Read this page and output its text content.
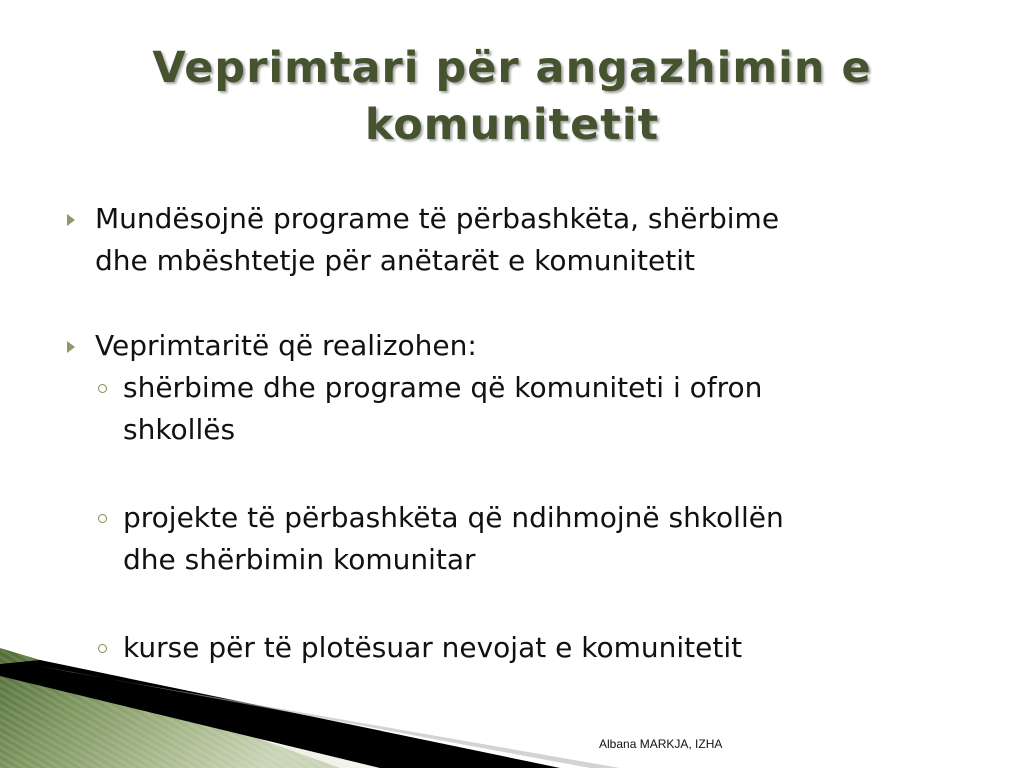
Veprimtari për angazhimin e
komunitetit
Mundësojnë programe të përbashkëta, shërbime
dhe mbështetje për anëtarët e komunitetit
Veprimtaritë që realizohen:
shërbime dhe programe që komuniteti i ofron
shkollës
projekte të përbashkëta që ndihmojnë shkollën
dhe shërbimin komunitar
kurse për të plotësuar nevojat e komunitetit
Albana MARKJA, IZHA
